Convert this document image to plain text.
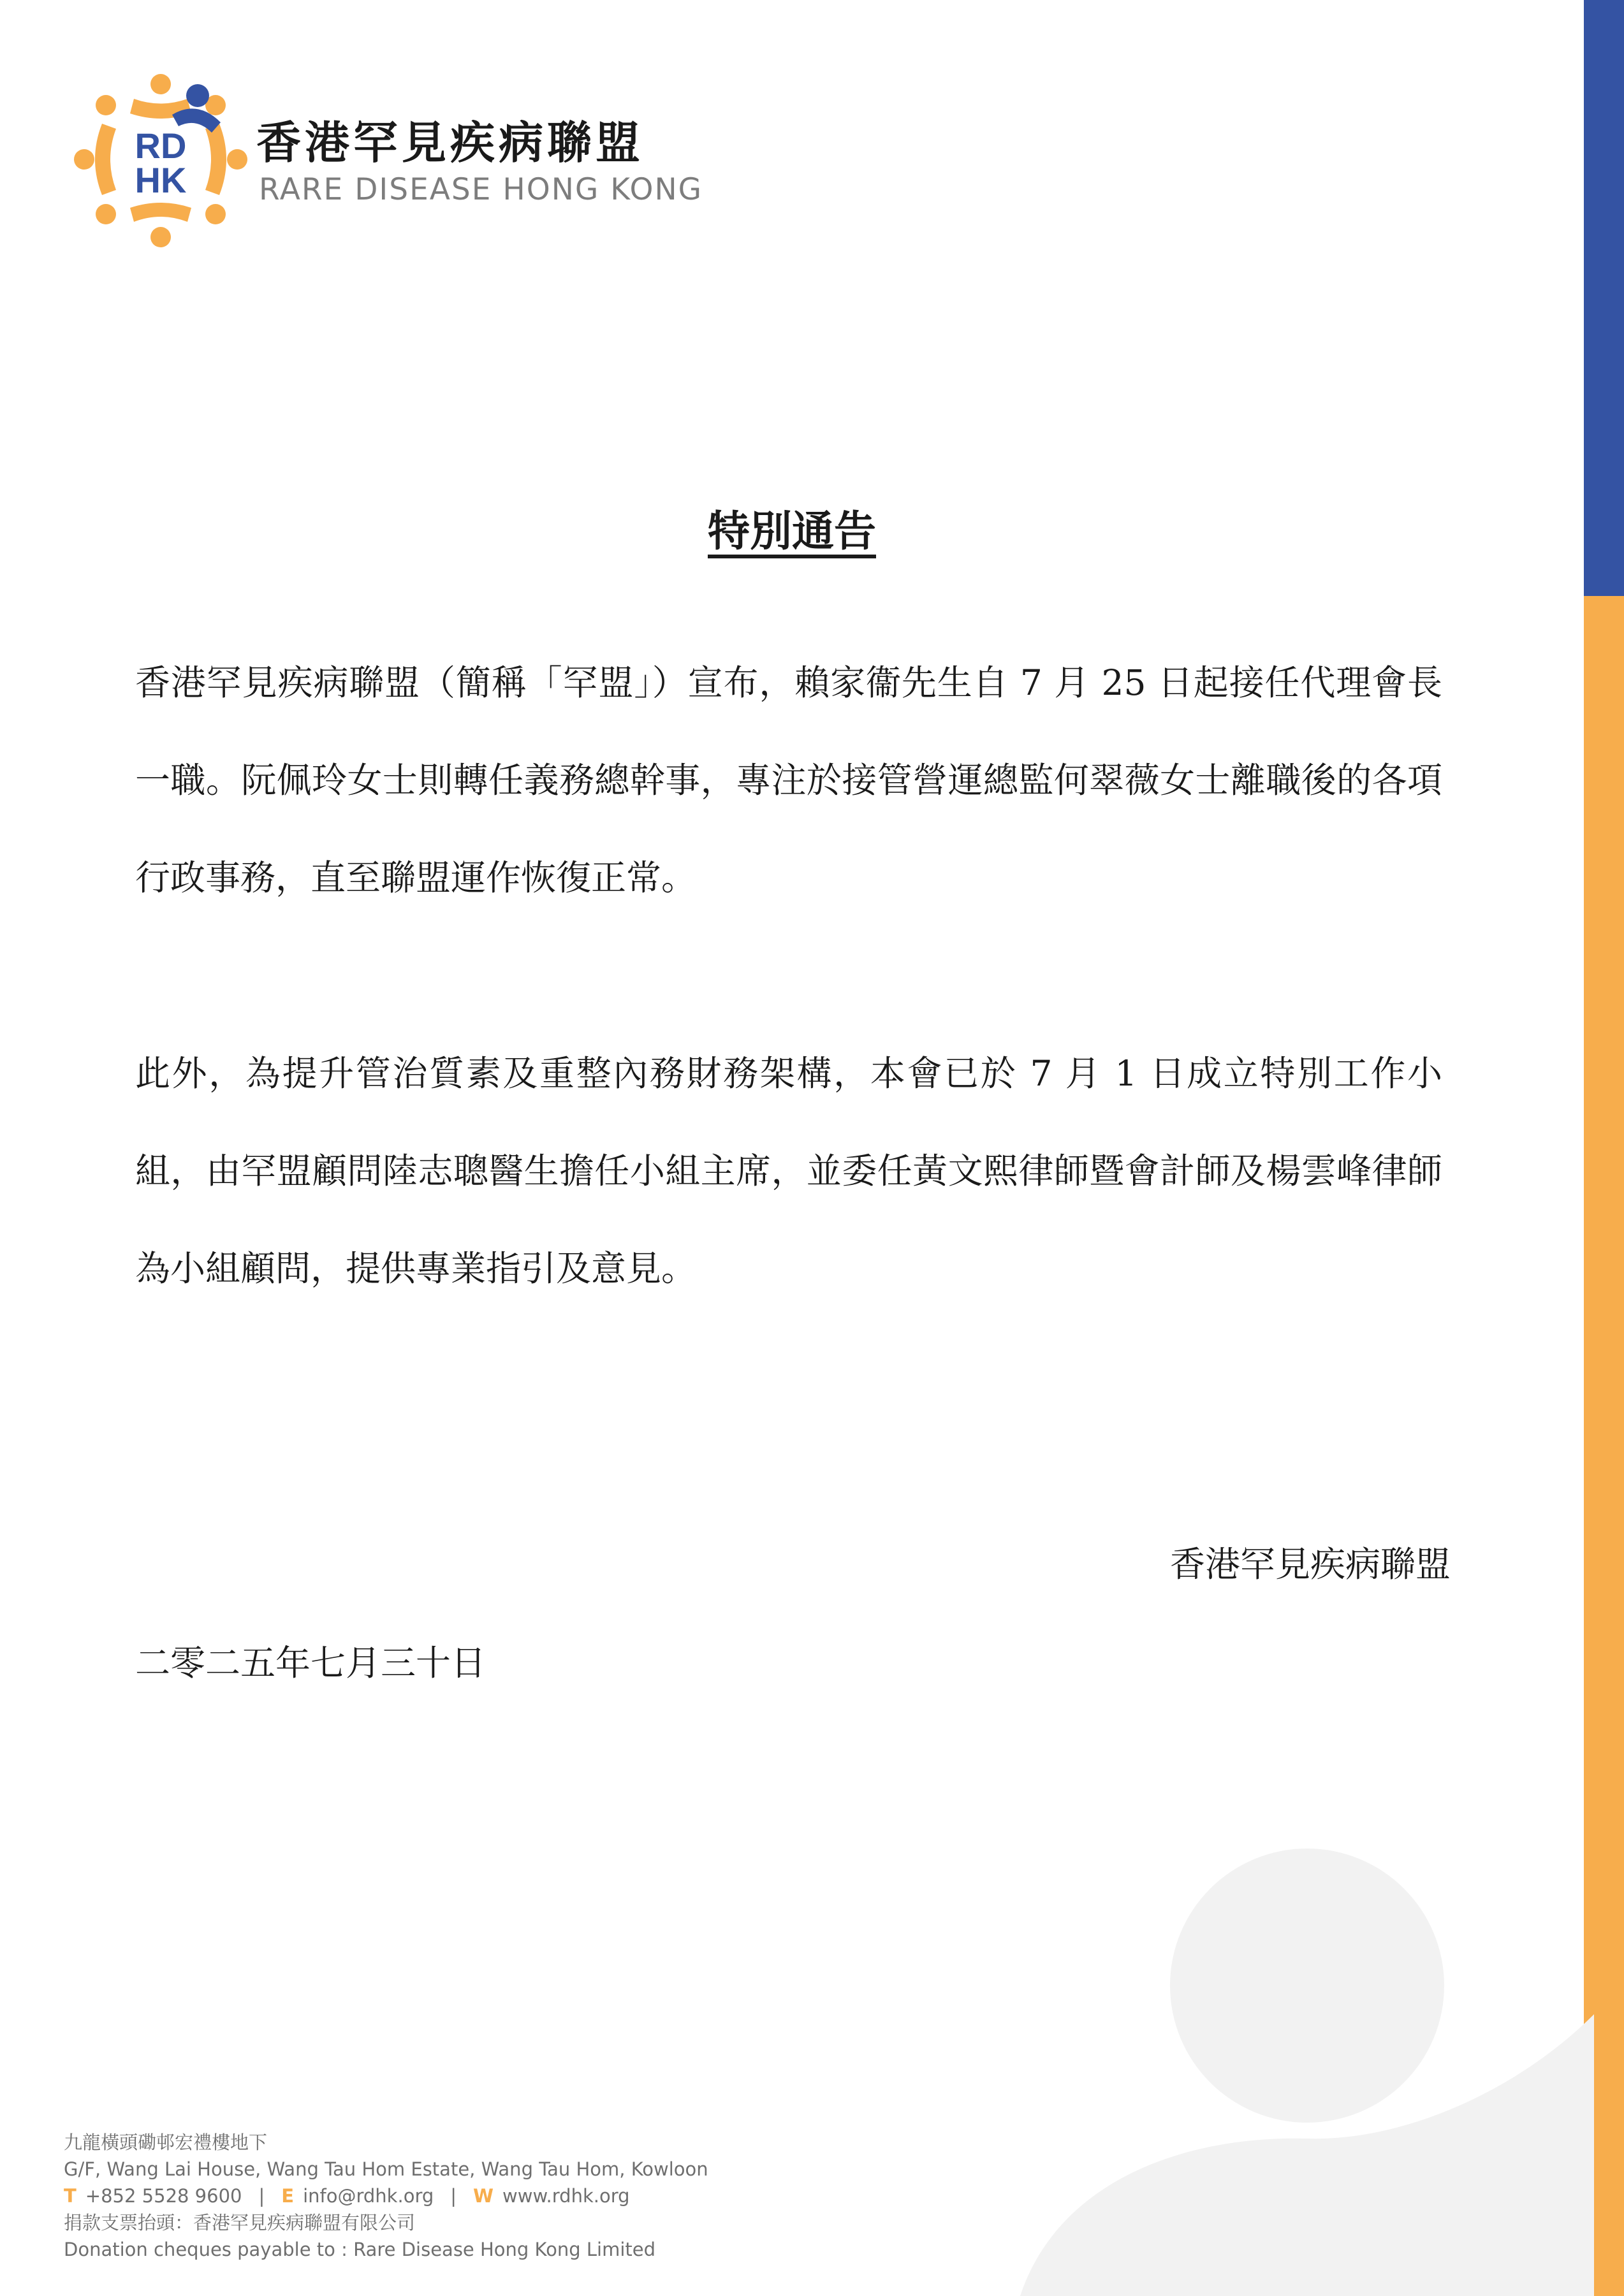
RD
HK
香港罕見疾病聯盟
RARE DISEASE HONG KONG
特別通告

香港罕見疾病聯盟（簡稱「罕盟」）宣布，賴家衞先生自 7 月 25 日起接任代理會長一職。阮佩玲女士則轉任義務總幹事，專注於接管營運總監何翠薇女士離職後的各項行政事務，直至聯盟運作恢復正常。

此外，為提升管治質素及重整內務財務架構，本會已於 7 月 1 日成立特別工作小組，由罕盟顧問陸志聰醫生擔任小組主席，並委任黃文熙律師暨會計師及楊雲峰律師為小組顧問，提供專業指引及意見。

香港罕見疾病聯盟
二零二五年七月三十日
九龍橫頭磡邨宏禮樓地下
G/F, Wang Lai House, Wang Tau Hom Estate, Wang Tau Hom, Kowloon
T +852 5528 9600 | E info@rdhk.org | W www.rdhk.org
捐款支票抬頭：香港罕見疾病聯盟有限公司
Donation cheques payable to : Rare Disease Hong Kong Limited
